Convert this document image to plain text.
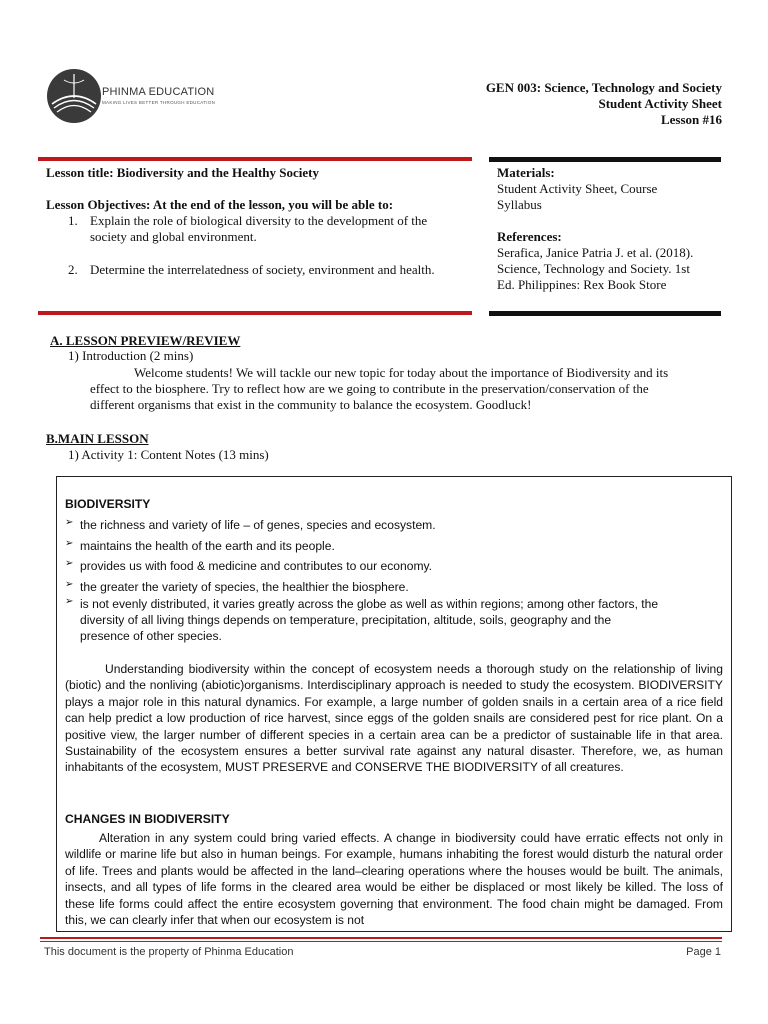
PHINMA EDUCATION
MAKING LIVES BETTER THROUGH EDUCATION
GEN 003: Science, Technology and Society
Student Activity Sheet
Lesson #16
Lesson title: Biodiversity and the Healthy Society
Lesson Objectives: At the end of the lesson, you will be able to:
1. Explain the role of biological diversity to the development of the
society and global environment.
2. Determine the interrelatedness of society, environment and health.
Materials:
Student Activity Sheet, Course
Syllabus
References:
Serafica, Janice Patria J. et al. (2018).
Science, Technology and Society. 1st
Ed. Philippines: Rex Book Store
A. LESSON PREVIEW/REVIEW
1) Introduction (2 mins)
Welcome students! We will tackle our new topic for today about the importance of Biodiversity and its
effect to the biosphere. Try to reflect how are we going to contribute in the preservation/conservation of the
different organisms that exist in the community to balance the ecosystem. Goodluck!
B.MAIN LESSON
1) Activity 1: Content Notes (13 mins)
BIODIVERSITY
➢ the richness and variety of life – of genes, species and ecosystem.
➢ maintains the health of the earth and its people.
➢ provides us with food & medicine and contributes to our economy.
➢ the greater the variety of species, the healthier the biosphere.
➢ is not evenly distributed, it varies greatly across the globe as well as within regions; among other factors, the
diversity of all living things depends on temperature, precipitation, altitude, soils, geography and the
presence of other species.
Understanding biodiversity within the concept of ecosystem needs a thorough study on the relationship of living (biotic) and the nonliving (abiotic)organisms. Interdisciplinary approach is needed to study the ecosystem. BIODIVERSITY plays a major role in this natural dynamics. For example, a large number of golden snails in a certain area of a rice field can help predict a low production of rice harvest, since eggs of the golden snails are considered pest for rice plant. On a positive view, the larger number of different species in a certain area can be a predictor of sustainable life in that area. Sustainability of the ecosystem ensures a better survival rate against any natural disaster. Therefore, we, as human inhabitants of the ecosystem, MUST PRESERVE and CONSERVE THE BIODIVERSITY of all creatures.
CHANGES IN BIODIVERSITY
Alteration in any system could bring varied effects. A change in biodiversity could have erratic effects not only in wildlife or marine life but also in human beings. For example, humans inhabiting the forest would disturb the natural order of life. Trees and plants would be affected in the land–clearing operations where the houses would be built. The animals, insects, and all types of life forms in the cleared area would be either be displaced or most likely be killed. The loss of these life forms could affect the entire ecosystem governing that environment. The food chain might be damaged. From this, we can clearly infer that when our ecosystem is not
This document is the property of Phinma Education	Page 1
